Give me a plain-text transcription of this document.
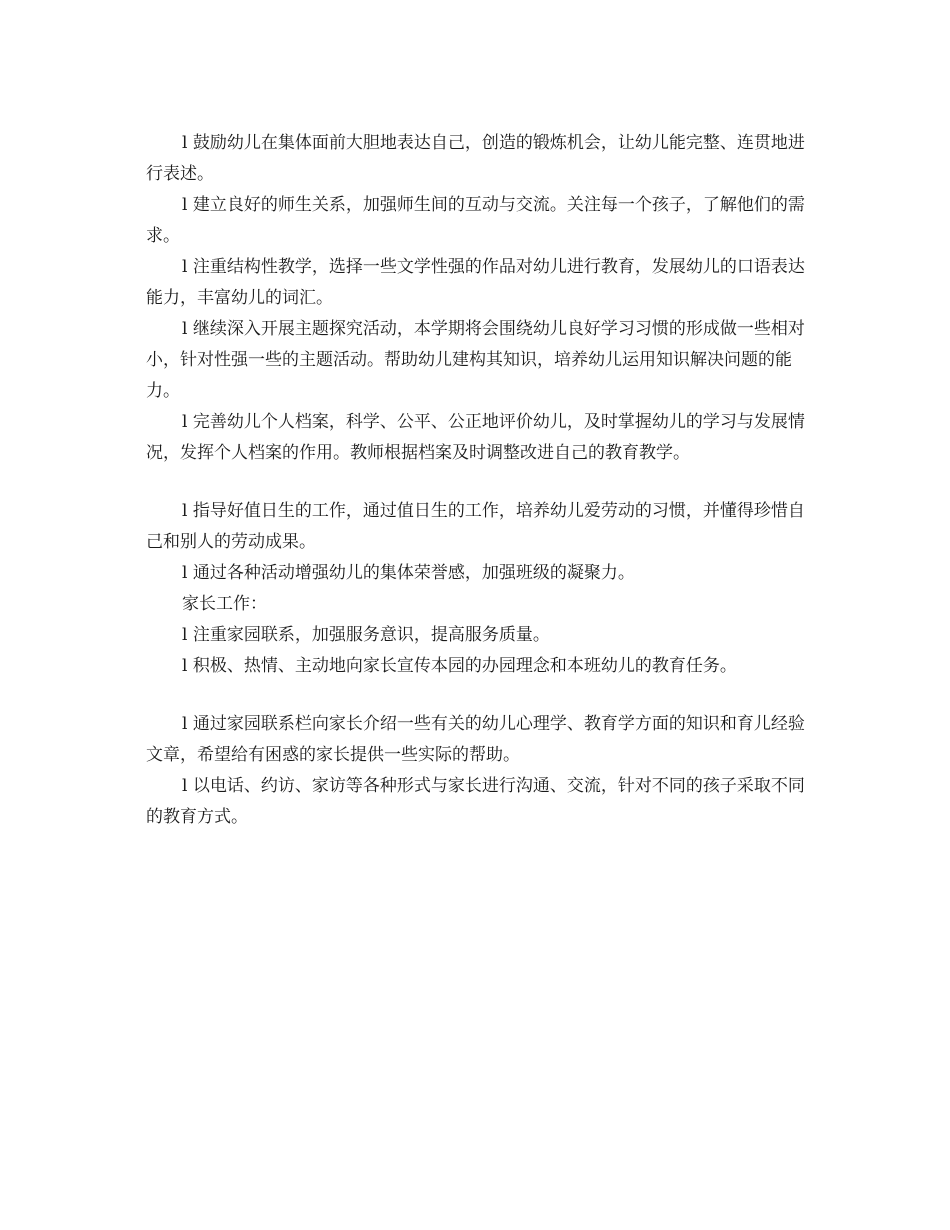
l 鼓励幼儿在集体面前大胆地表达自己，创造的锻炼机会，让幼儿能完整、连贯地进行表述。

l 建立良好的师生关系，加强师生间的互动与交流。关注每一个孩子，了解他们的需求。

l 注重结构性教学，选择一些文学性强的作品对幼儿进行教育，发展幼儿的口语表达能力，丰富幼儿的词汇。

l 继续深入开展主题探究活动，本学期将会围绕幼儿良好学习习惯的形成做一些相对小，针对性强一些的主题活动。帮助幼儿建构其知识，培养幼儿运用知识解决问题的能力。

l 完善幼儿个人档案，科学、公平、公正地评价幼儿，及时掌握幼儿的学习与发展情况，发挥个人档案的作用。教师根据档案及时调整改进自己的教育教学。

l 指导好值日生的工作，通过值日生的工作，培养幼儿爱劳动的习惯，并懂得珍惜自己和别人的劳动成果。

l 通过各种活动增强幼儿的集体荣誉感，加强班级的凝聚力。

家长工作：

l 注重家园联系，加强服务意识，提高服务质量。

l 积极、热情、主动地向家长宣传本园的办园理念和本班幼儿的教育任务。

l 通过家园联系栏向家长介绍一些有关的幼儿心理学、教育学方面的知识和育儿经验文章，希望给有困惑的家长提供一些实际的帮助。

l 以电话、约访、家访等各种形式与家长进行沟通、交流，针对不同的孩子采取不同的教育方式。
